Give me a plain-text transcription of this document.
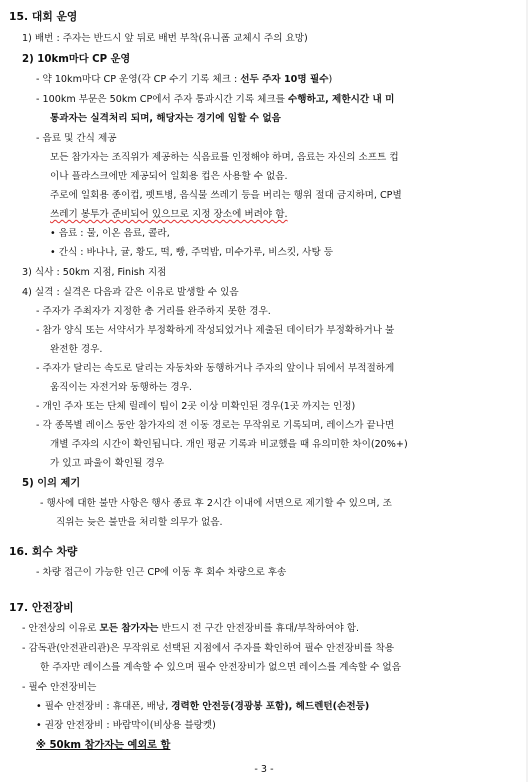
15. 대회 운영
1) 배번 : 주자는 반드시 앞 뒤로 배번 부착(유니폼 교체시 주의 요망)
2) 10km마다 CP 운영
- 약 10km마다 CP 운영(각 CP 수기 기록 체크 : 선두 주자 10명 필수)
- 100km 부문은 50km CP에서 주자 통과시간 기록 체크를 수행하고, 제한시간 내 미
통과자는 실격처리 되며, 해당자는 경기에 임할 수 없음
- 음료 및 간식 제공
모든 참가자는 조직위가 제공하는 식음료를 인정해야 하며, 음료는 자신의 소프트 컵
이나 플라스크에만 제공되어 일회용 컵은 사용할 수 없음.
주로에 일회용 종이컵, 펫트병, 음식물 쓰레기 등을 버리는 행위 절대 금지하며, CP별
쓰레기 봉투가 준비되어 있으므로 지정 장소에 버려야 함.
• 음료 : 물, 이온 음료, 콜라,
• 간식 : 바나나, 귤, 황도, 떡, 빵, 주먹밥, 미수가루, 비스킷, 사탕 등
3) 식사 : 50km 지점, Finish 지점
4) 실격 : 실격은 다음과 같은 이유로 발생할 수 있음
- 주자가 주최자가 지정한 총 거리를 완주하지 못한 경우.
- 참가 양식 또는 서약서가 부정확하게 작성되었거나 제출된 데이터가 부정확하거나 불
완전한 경우.
- 주자가 달리는 속도로 달리는 자동차와 동행하거나 주자의 앞이나 뒤에서 부적절하게
움직이는 자전거와 동행하는 경우.
- 개인 주자 또는 단체 릴레이 팀이 2곳 이상 미확인된 경우(1곳 까지는 인정)
- 각 종목별 레이스 동안 참가자의 전 이동 경로는 무작위로 기록되며, 레이스가 끝나면
개별 주자의 시간이 확인됩니다. 개인 평균 기록과 비교했을 때 유의미한 차이(20%+)
가 있고 파울이 확인될 경우
5) 이의 제기
- 행사에 대한 불만 사항은 행사 종료 후 2시간 이내에 서면으로 제기할 수 있으며, 조
직위는 늦은 불만을 처리할 의무가 없음.
16. 회수 차량
- 차량 접근이 가능한 인근 CP에 이동 후 회수 차량으로 후송
17. 안전장비
- 안전상의 이유로 모든 참가자는 반드시 전 구간 안전장비를 휴대/부착하여야 함.
- 감독관(안전관리관)은 무작위로 선택된 지점에서 주자를 확인하여 필수 안전장비를 착용
한 주자만 레이스를 계속할 수 있으며 필수 안전장비가 없으면 레이스를 계속할 수 없음
- 필수 안전장비는
• 필수 안전장비 : 휴대폰, 배낭, 경력한 안전등(경광봉 포함), 헤드렌턴(손전등)
• 권장 안전장비 : 바람막이(비상용 블랑켓)
※ 50km 참가자는 예외로 함
- 3 -
